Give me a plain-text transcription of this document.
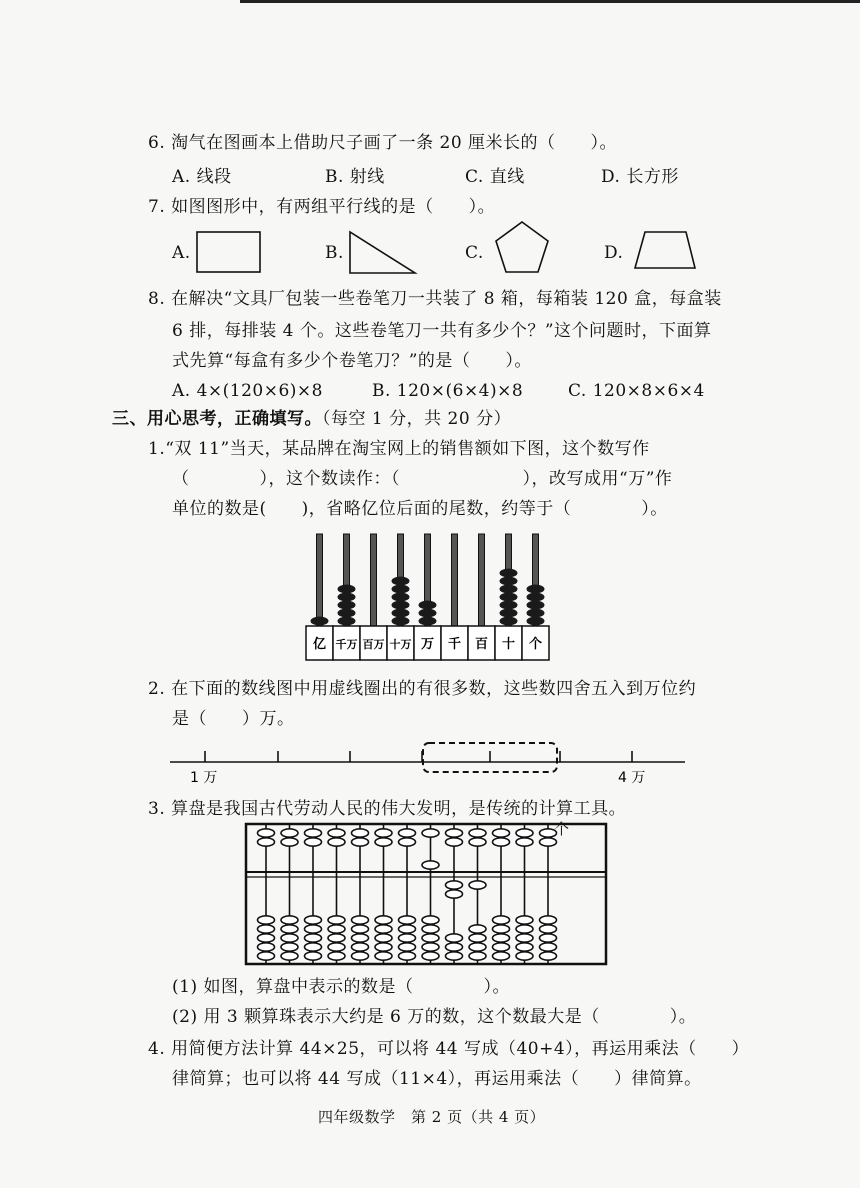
6. 淘气在图画本上借助尺子画了一条 20 厘米长的（　　）。
A. 线段	B. 射线	C. 直线	D. 长方形
7. 如图图形中，有两组平行线的是（　　）。
A.	B.	C.	D.
8. 在解决“文具厂包装一些卷笔刀一共装了 8 箱，每箱装 120 盒，每盒装
6 排，每排装 4 个。这些卷笔刀一共有多少个？”这个问题时，下面算
式先算“每盒有多少个卷笔刀？”的是（　　）。
A. 4×(120×6)×8	B. 120×(6×4)×8	C. 120×8×6×4
三、用心思考，正确填写。（每空 1 分，共 20 分）
1.“双 11”当天，某品牌在淘宝网上的销售额如下图，这个数写作
（　　　　），这个数读作：（　　　　　　　），改写成用“万”作
单位的数是(　　)，省略亿位后面的尾数，约等于（　　　　）。
亿 千万 百万 十万 万 千 百 十 个
2. 在下面的数线图中用虚线圈出的有很多数，这些数四舍五入到万位约
是（　　）万。
1 万	4 万
3. 算盘是我国古代劳动人民的伟大发明，是传统的计算工具。
个
(1) 如图，算盘中表示的数是（　　　　）。
(2) 用 3 颗算珠表示大约是 6 万的数，这个数最大是（　　　　）。
4. 用简便方法计算 44×25，可以将 44 写成（40+4），再运用乘法（　　）
律简算；也可以将 44 写成（11×4），再运用乘法（　　）律简算。
四年级数学　第 2 页（共 4 页）
